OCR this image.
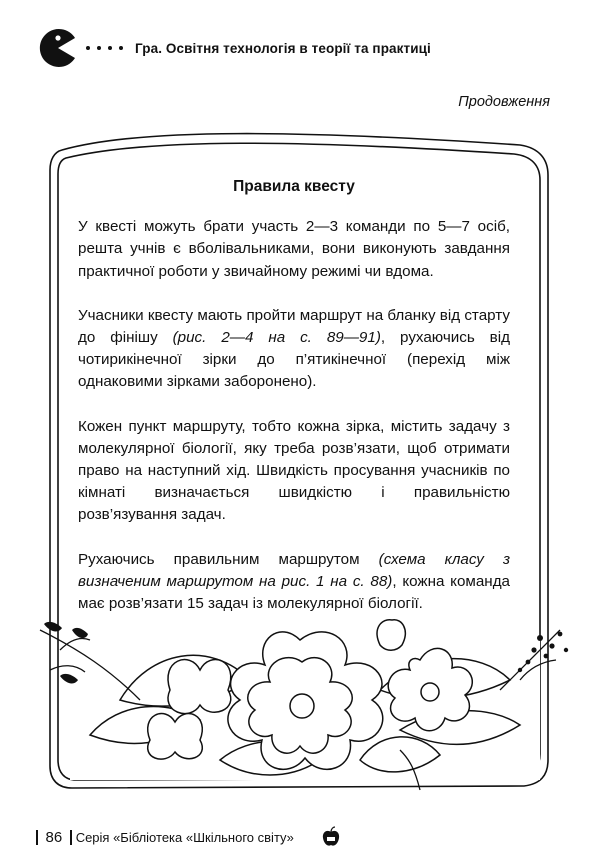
Гра. Освітня технологія в теорії та практиці
Продовження
Правила квесту

У квесті можуть брати участь 2—3 команди по 5—7 осіб, решта учнів є вболівальниками, вони виконують завдання практичної роботи у звичайному режимі чи вдома.

Учасники квесту мають пройти маршрут на бланку від старту до фінішу (рис. 2—4 на с. 89—91), рухаючись від чотирикінечної зірки до п’ятикінечної (перехід між однаковими зірками заборонено).

Кожен пункт маршруту, тобто кожна зірка, містить задачу з молекулярної біології, яку треба розв’язати, щоб отримати право на наступний хід. Швидкість просування учасників по кімнаті визначається швидкістю і правильністю розв’язування задач.

Рухаючись правильним маршрутом (схема класу з визначеним маршрутом на рис. 1 на с. 88), кожна команда має розв’язати 15 задач із молекулярної біології.

86 Серія «Бібліотека «Шкільного світу»
